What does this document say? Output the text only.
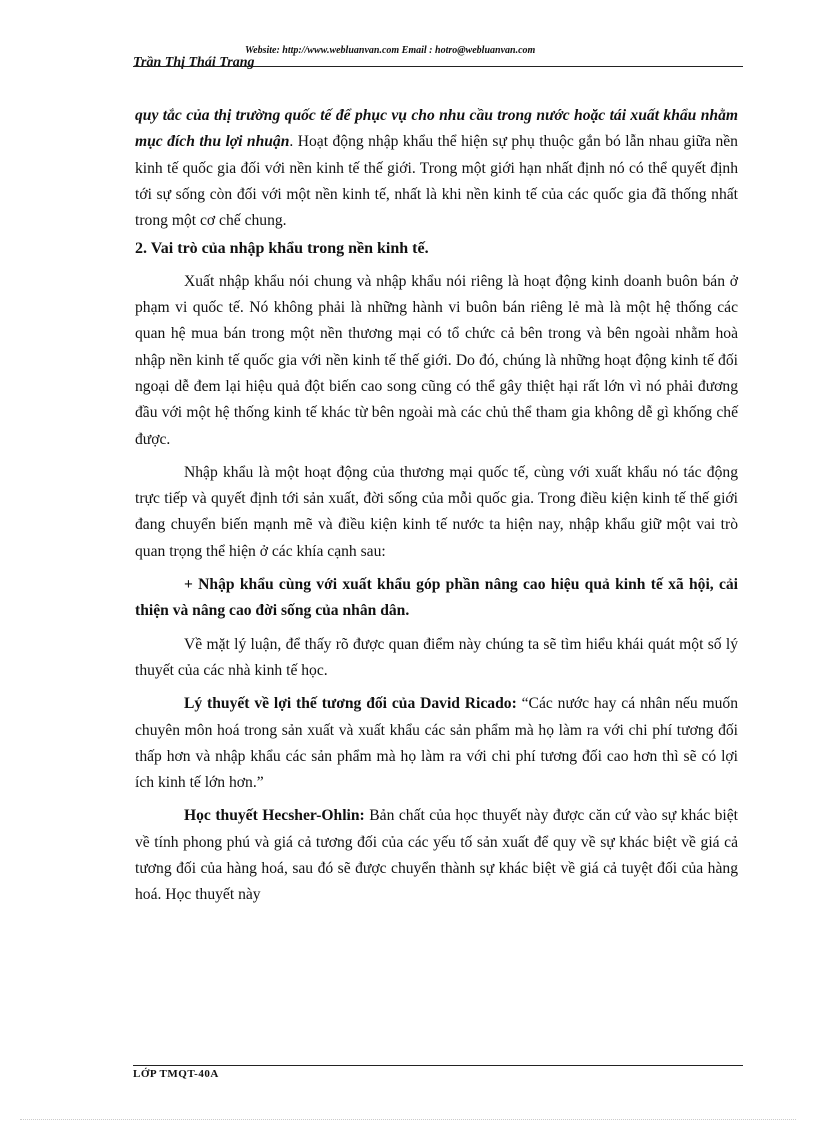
Website: http://www.webluanvan.com Email : hotro@webluanvan.com
Trần Thị Thái Trang

quy tắc của thị trường quốc tế để phục vụ cho nhu cầu trong nước hoặc tái xuất khẩu nhằm mục đích thu lợi nhuận. Hoạt động nhập khẩu thể hiện sự phụ thuộc gắn bó lẫn nhau giữa nền kinh tế quốc gia đối với nền kinh tế thế giới. Trong một giới hạn nhất định nó có thể quyết định tới sự sống còn đối với một nền kinh tế, nhất là khi nền kinh tế của các quốc gia đã thống nhất trong một cơ chế chung.

2. Vai trò của nhập khẩu trong nền kinh tế.

Xuất nhập khẩu nói chung và nhập khẩu nói riêng là hoạt động kinh doanh buôn bán ở phạm vi quốc tế. Nó không phải là những hành vi buôn bán riêng lẻ mà là một hệ thống các quan hệ mua bán trong một nền thương mại có tổ chức cả bên trong và bên ngoài nhằm hoà nhập nền kinh tế quốc gia với nền kinh tế thế giới. Do đó, chúng là những hoạt động kinh tế đối ngoại dễ đem lại hiệu quả đột biến cao song cũng có thể gây thiệt hại rất lớn vì nó phải đương đầu với một hệ thống kinh tế khác từ bên ngoài mà các chủ thể tham gia không dễ gì khống chế được.

Nhập khẩu là một hoạt động của thương mại quốc tế, cùng với xuất khẩu nó tác động trực tiếp và quyết định tới sản xuất, đời sống của mỗi quốc gia. Trong điều kiện kinh tế thế giới đang chuyển biến mạnh mẽ và điều kiện kinh tế nước ta hiện nay, nhập khẩu giữ một vai trò quan trọng thể hiện ở các khía cạnh sau:

+ Nhập khẩu cùng với xuất khẩu góp phần nâng cao hiệu quả kinh tế xã hội, cải thiện và nâng cao đời sống của nhân dân.

Về mặt lý luận, để thấy rõ được quan điểm này chúng ta sẽ tìm hiểu khái quát một số lý thuyết của các nhà kinh tế học.

Lý thuyết về lợi thế tương đối của David Ricado: “Các nước hay cá nhân nếu muốn chuyên môn hoá trong sản xuất và xuất khẩu các sản phẩm mà họ làm ra với chi phí tương đối thấp hơn và nhập khẩu các sản phẩm mà họ làm ra với chi phí tương đối cao hơn thì sẽ có lợi ích kinh tế lớn hơn.”

Học thuyết Hecsher-Ohlin: Bản chất của học thuyết này được căn cứ vào sự khác biệt về tính phong phú và giá cả tương đối của các yếu tố sản xuất để quy về sự khác biệt về giá cả tương đối của hàng hoá, sau đó sẽ được chuyển thành sự khác biệt về giá cả tuyệt đối của hàng hoá. Học thuyết này

LỚP TMQT-40A
